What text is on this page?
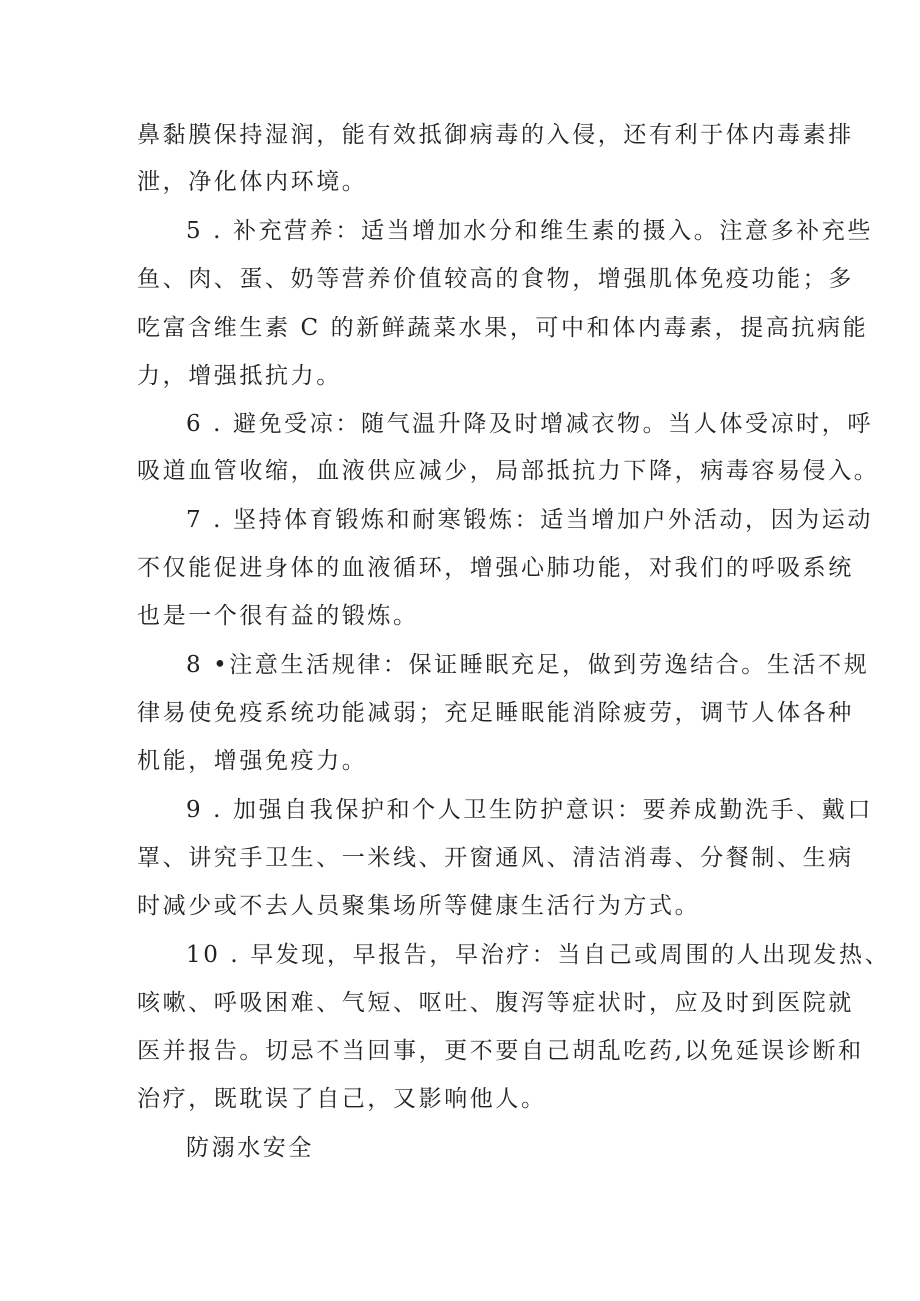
鼻黏膜保持湿润，能有效抵御病毒的入侵，还有利于体内毒素排
泄，净化体内环境。
5 . 补充营养：适当增加水分和维生素的摄入。注意多补充些
鱼、肉、蛋、奶等营养价值较高的食物，增强肌体免疫功能；多
吃富含维生素 C 的新鲜蔬菜水果，可中和体内毒素，提高抗病能
力，增强抵抗力。
6 . 避免受凉：随气温升降及时增减衣物。当人体受凉时，呼
吸道血管收缩，血液供应减少，局部抵抗力下降，病毒容易侵入。
7 . 坚持体育锻炼和耐寒锻炼：适当增加户外活动，因为运动
不仅能促进身体的血液循环，增强心肺功能，对我们的呼吸系统
也是一个很有益的锻炼。
8 •注意生活规律：保证睡眠充足，做到劳逸结合。生活不规
律易使免疫系统功能减弱；充足睡眠能消除疲劳，调节人体各种
机能，增强免疫力。
9 . 加强自我保护和个人卫生防护意识：要养成勤洗手、戴口
罩、讲究手卫生、一米线、开窗通风、清洁消毒、分餐制、生病
时减少或不去人员聚集场所等健康生活行为方式。
10 . 早发现，早报告，早治疗：当自己或周围的人出现发热、
咳嗽、呼吸困难、气短、呕吐、腹泻等症状时，应及时到医院就
医并报告。切忌不当回事，更不要自己胡乱吃药,以免延误诊断和
治疗，既耽误了自己，又影响他人。
防溺水安全
